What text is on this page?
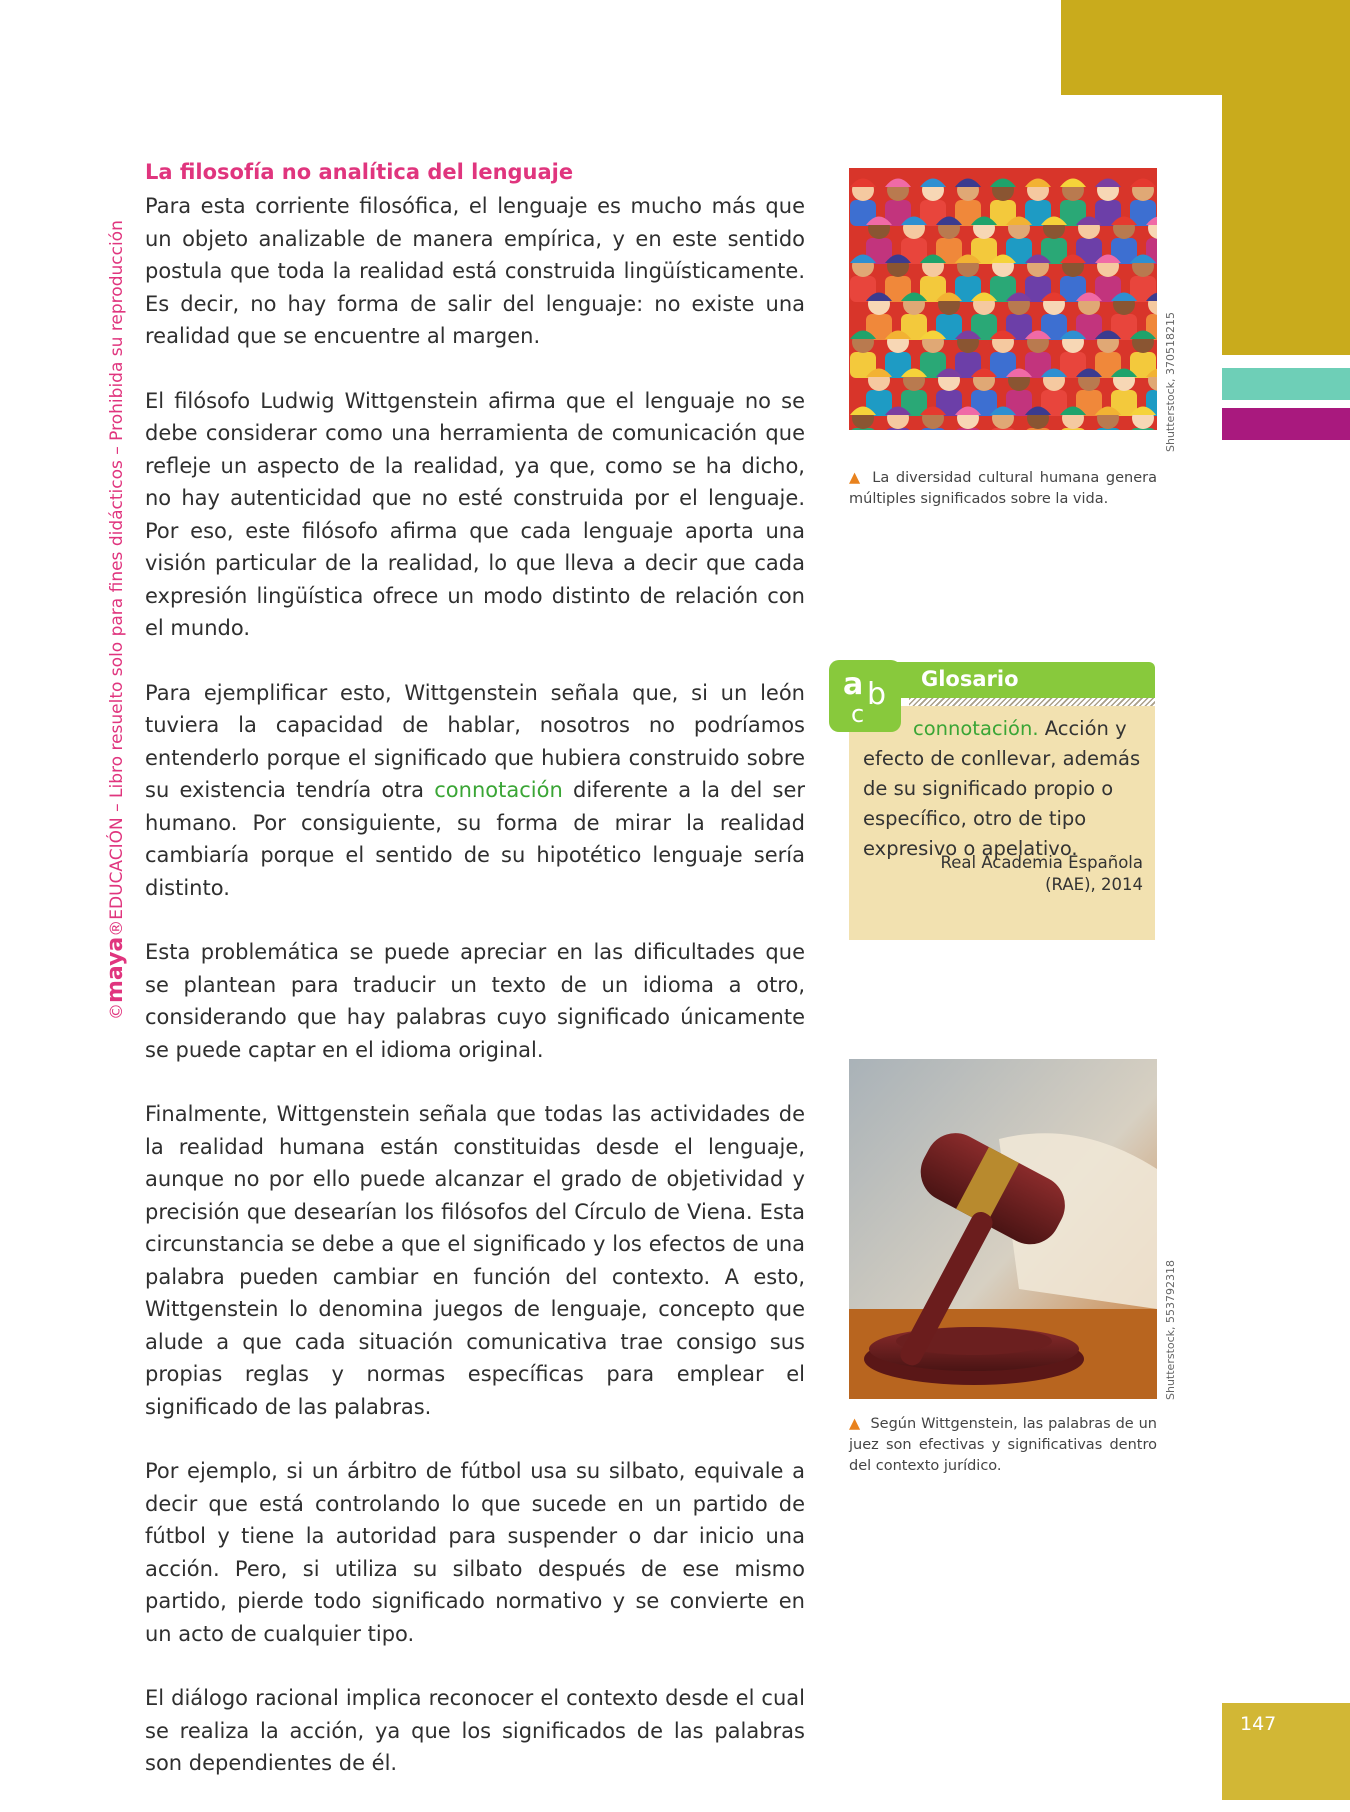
147
©maya®EDUCACIÓN – Libro resuelto solo para fines didácticos – Prohibida su reproducción
La filosofía no analítica del lenguaje

Para esta corriente filosófica, el lenguaje es mucho más que un objeto analizable de manera empírica, y en este sentido postula que toda la realidad está construida lingüísticamente. Es decir, no hay forma de salir del lenguaje: no existe una realidad que se encuentre al margen.

El filósofo Ludwig Wittgenstein afirma que el lenguaje no se debe considerar como una herramienta de comunicación que refleje un aspecto de la realidad, ya que, como se ha dicho, no hay autenticidad que no esté construida por el lenguaje. Por eso, este filósofo afirma que cada lenguaje aporta una visión particular de la realidad, lo que lleva a decir que cada expresión lingüística ofrece un modo distinto de relación con el mundo.

Para ejemplificar esto, Wittgenstein señala que, si un león tuviera la capacidad de hablar, nosotros no podríamos entenderlo porque el significado que hubiera construido sobre su existencia tendría otra connotación diferente a la del ser humano. Por consiguiente, su forma de mirar la realidad cambiaría porque el sentido de su hipotético lenguaje sería distinto.

Esta problemática se puede apreciar en las dificultades que se plantean para traducir un texto de un idioma a otro, considerando que hay palabras cuyo significado únicamente se puede captar en el idioma original.

Finalmente, Wittgenstein señala que todas las actividades de la realidad humana están constituidas desde el lenguaje, aunque no por ello puede alcanzar el grado de objetividad y precisión que desearían los filósofos del Círculo de Viena. Esta circunstancia se debe a que el significado y los efectos de una palabra pueden cambiar en función del contexto. A esto, Wittgenstein lo denomina juegos de lenguaje, concepto que alude a que cada situación comunicativa trae consigo sus propias reglas y normas específicas para emplear el significado de las palabras.

Por ejemplo, si un árbitro de fútbol usa su silbato, equivale a decir que está controlando lo que sucede en un partido de fútbol y tiene la autoridad para suspender o dar inicio una acción. Pero, si utiliza su silbato después de ese mismo partido, pierde todo significado normativo y se convierte en un acto de cualquier tipo.

El diálogo racional implica reconocer el contexto desde el cual se realiza la acción, ya que los significados de las palabras son dependientes de él.

Shutterstock, 370518215
▲ La diversidad cultural humana genera múltiples significados sobre la vida.
Glosario
connotación. Acción y efecto de conllevar, además de su significado propio o específico, otro de tipo expresivo o apelativo.
Real Academia Española
(RAE), 2014
a b
c
Shutterstock, 553792318
▲ Según Wittgenstein, las palabras de un juez son efectivas y significativas dentro del contexto jurídico.
